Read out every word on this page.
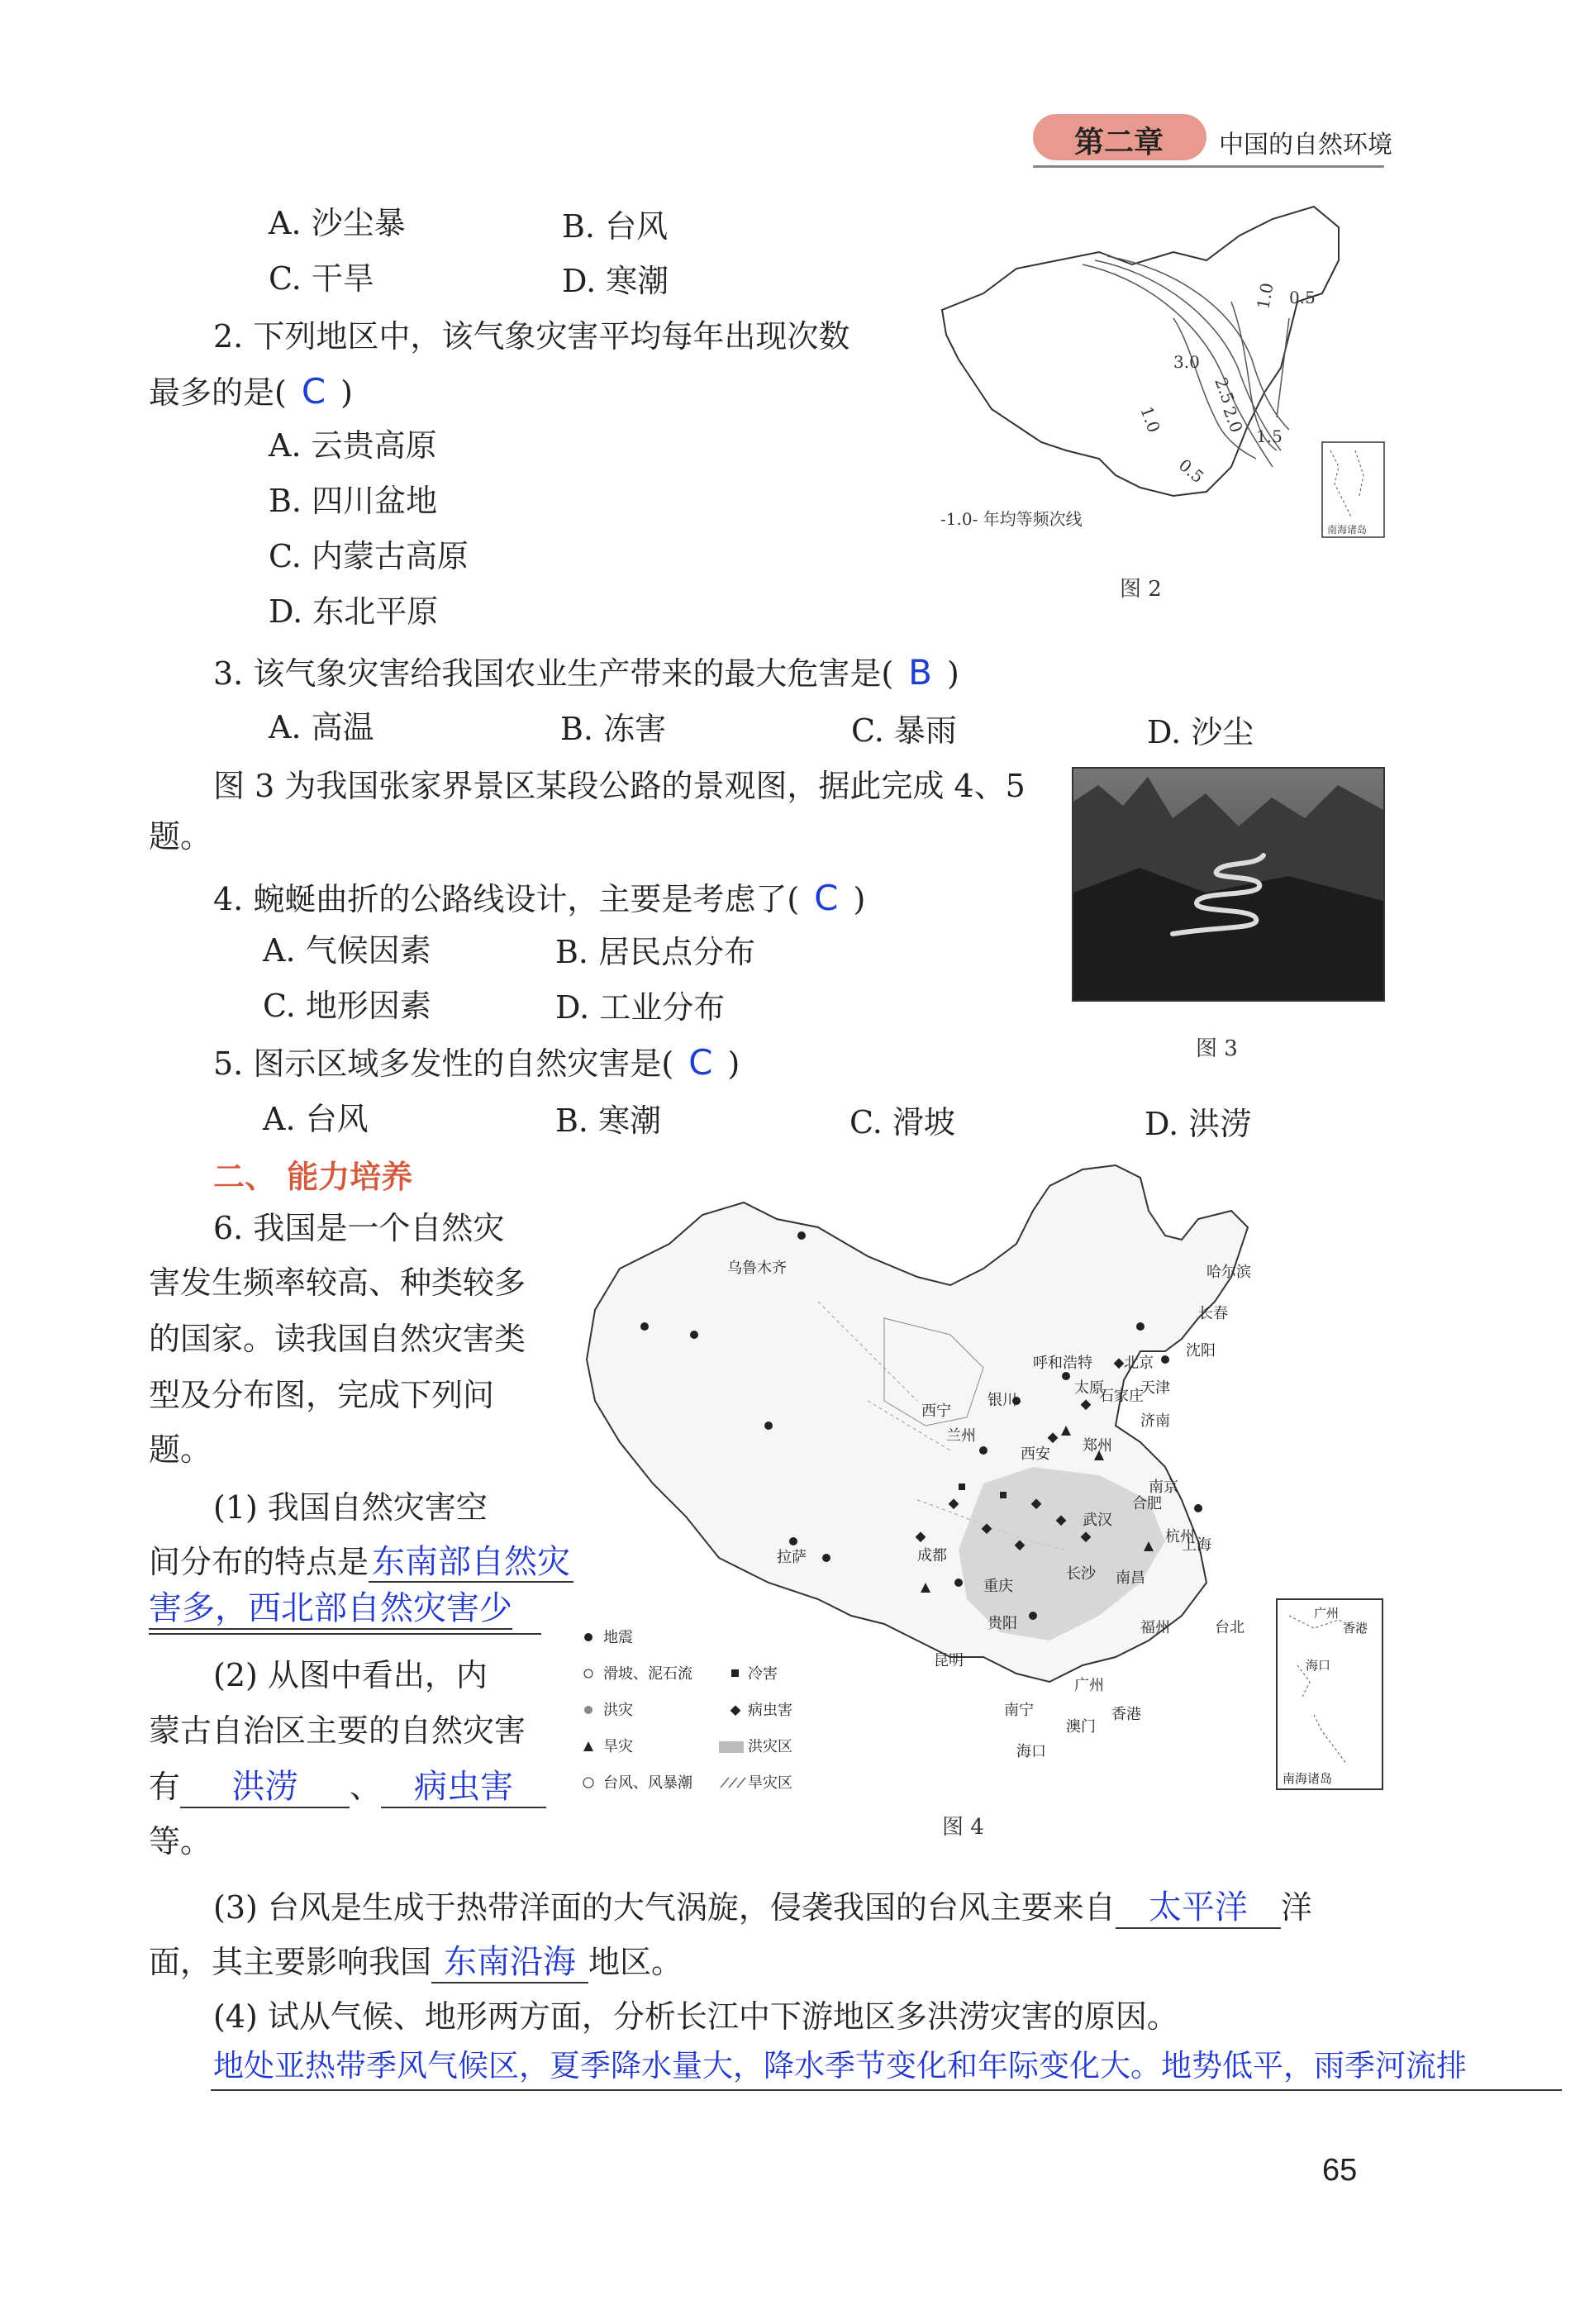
第二章 中国的自然环境
A. 沙尘暴	B. 台风
C. 干旱	D. 寒潮
2. 下列地区中，该气象灾害平均每年出现次数
最多的是( C )
A. 云贵高原
B. 四川盆地
C. 内蒙古高原
D. 东北平原
0.5
1.0
3.0
2.5
2.0
1.5
1.0
0.5
南海诸岛
-1.0- 年均等频次线
图 2
3. 该气象灾害给我国农业生产带来的最大危害是( B )
A. 高温	B. 冻害	C. 暴雨	D. 沙尘
图 3 为我国张家界景区某段公路的景观图，据此完成 4、5
题。
图 3
4. 蜿蜒曲折的公路线设计，主要是考虑了( C )
A. 气候因素	B. 居民点分布
C. 地形因素	D. 工业分布
5. 图示区域多发性的自然灾害是( C )
A. 台风	B. 寒潮	C. 滑坡	D. 洪涝
二、 能力培养
6. 我国是一个自然灾
害发生频率较高、种类较多
的国家。读我国自然灾害类
型及分布图，完成下列问
题。
(1) 我国自然灾害空
间分布的特点是 东南部自然灾
害多，西北部自然灾害少
(2) 从图中看出，内
蒙古自治区主要的自然灾害
有 洪涝 、 病虫害
等。
乌鲁木齐	哈尔滨
长春
沈阳
呼和浩特 北京
天津
太原
石家庄
银川
西宁
兰州
西安 郑州
济南
拉萨	成都
重庆
武汉
合肥
南京
上海
杭州
长沙 南昌
贵阳
昆明
福州	台北
南宁
广州
香港
澳门
海口
地震
滑坡、泥石流	冷害
洪灾	病虫害
旱灾	洪灾区
台风、风暴潮	旱灾区
广州
香港
海口
南海诸岛
图 4
(3) 台风是生成于热带洋面的大气涡旋，侵袭我国的台风主要来自 太平洋 洋
面，其主要影响我国 东南沿海 地区。
(4) 试从气候、地形两方面，分析长江中下游地区多洪涝灾害的原因。
地处亚热带季风气候区，夏季降水量大，降水季节变化和年际变化大。地势低平，雨季河流排
65
